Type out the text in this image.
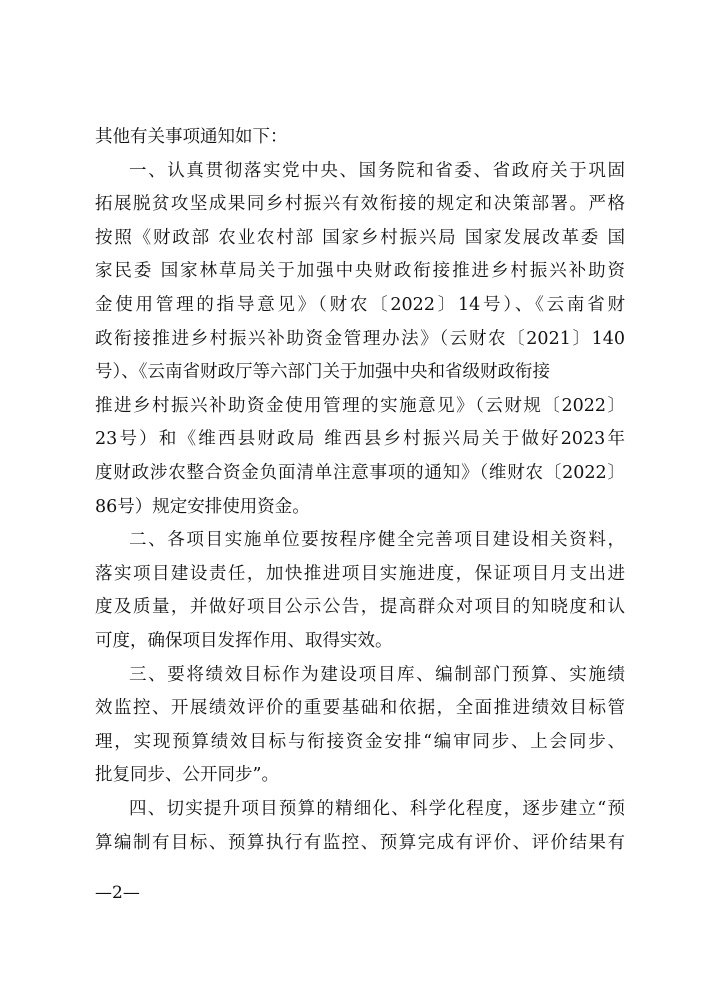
其他有关事项通知如下：
一、认真贯彻落实党中央、国务院和省委、省政府关于巩固
拓展脱贫攻坚成果同乡村振兴有效衔接的规定和决策部署。严格
按照《财政部 农业农村部 国家乡村振兴局 国家发展改革委 国
家民委 国家林草局关于加强中央财政衔接推进乡村振兴补助资
金使用管理的指导意见》（财农〔2022〕14号）、《云南省财
政衔接推进乡村振兴补助资金管理办法》（云财农〔2021〕140
号）、《云南省财政厅等六部门关于加强中央和省级财政衔接
推进乡村振兴补助资金使用管理的实施意见》（云财规〔2022〕
23号）和《维西县财政局 维西县乡村振兴局关于做好2023年
度财政涉农整合资金负面清单注意事项的通知》（维财农〔2022〕
86号）规定安排使用资金。
二、各项目实施单位要按程序健全完善项目建设相关资料，
落实项目建设责任，加快推进项目实施进度，保证项目月支出进
度及质量，并做好项目公示公告，提高群众对项目的知晓度和认
可度，确保项目发挥作用、取得实效。
三、要将绩效目标作为建设项目库、编制部门预算、实施绩
效监控、开展绩效评价的重要基础和依据，全面推进绩效目标管
理，实现预算绩效目标与衔接资金安排“编审同步、上会同步、
批复同步、公开同步”。
四、切实提升项目预算的精细化、科学化程度，逐步建立“预
算编制有目标、预算执行有监控、预算完成有评价、评价结果有
—2—
